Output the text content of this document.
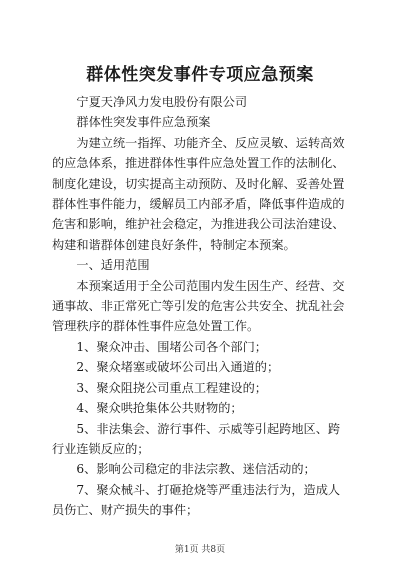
群体性突发事件专项应急预案

宁夏天净风力发电股份有限公司

群体性突发事件应急预案

为建立统一指挥、功能齐全、反应灵敏、运转高效的应急体系，推进群体性事件应急处置工作的法制化、制度化建设，切实提高主动预防、及时化解、妥善处置群体性事件能力，缓解员工内部矛盾，降低事件造成的危害和影响，维护社会稳定，为推进我公司法治建设、构建和谐群体创建良好条件，特制定本预案。

一、适用范围

本预案适用于全公司范围内发生因生产、经营、交通事故、非正常死亡等引发的危害公共安全、扰乱社会管理秩序的群体性事件应急处置工作。

1、聚众冲击、围堵公司各个部门；

2、聚众堵塞或破坏公司出入通道的；

3、聚众阻挠公司重点工程建设的；

4、聚众哄抢集体公共财物的；

5、非法集会、游行事件、示威等引起跨地区、跨行业连锁反应的；

6、影响公司稳定的非法宗教、迷信活动的；

7、聚众械斗、打砸抢烧等严重违法行为，造成人员伤亡、财产损失的事件；

第1页 共8页
